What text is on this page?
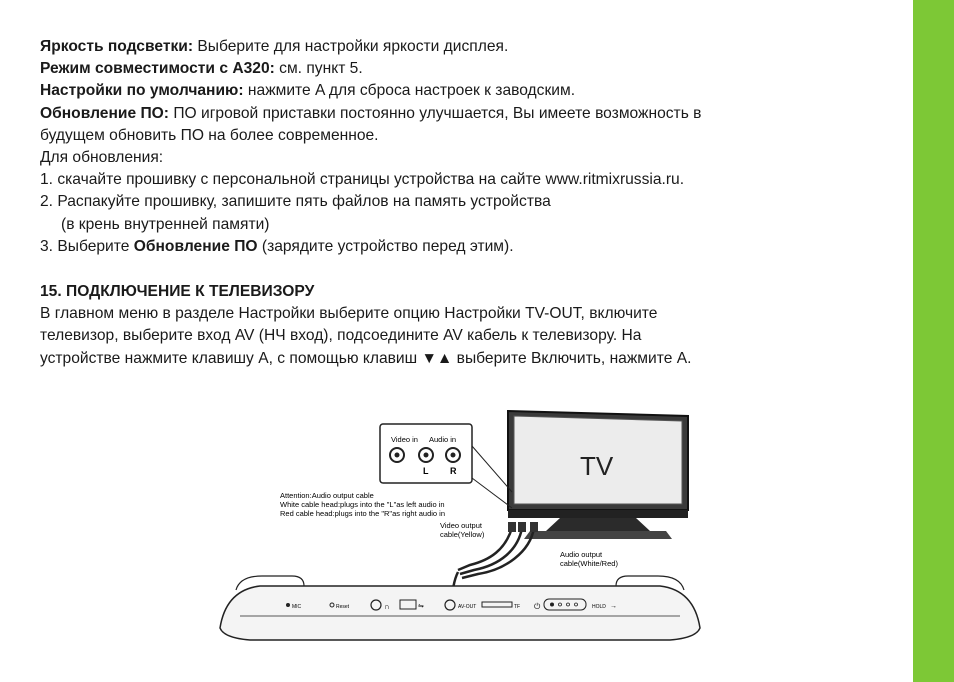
Яркость подсветки: Выберите для настройки яркости дисплея.

Режим совместимости с А320: см. пункт 5.

Настройки по умолчанию: нажмите A для сброса настроек к заводским.

Обновление ПО: ПО игровой приставки постоянно улучшается, Вы имеете возможность в

будущем обновить ПО на более современное.

Для обновления:

1. скачайте прошивку с персональной страницы устройства на сайте www.ritmixrussia.ru.

2. Распакуйте прошивку, запишите пять файлов на память устройства

(в крень внутренней памяти)

3. Выберите Обновление ПО (зарядите устройство перед этим).

15. ПОДКЛЮЧЕНИЕ К ТЕЛЕВИЗОРУ

В главном меню в разделе Настройки выберите опцию Настройки TV-OUT, включите

телевизор, выберите вход AV (НЧ вход), подсоедините AV кабель к телевизору. На

устройстве нажмите клавишу А, с помощью клавиш ▼▲ выберите Включить, нажмите А.

TV
Video in Audio in
L R
Attention:Audio output cable
White cable head:plugs into the "L"as left audio in
Red cable head:plugs into the "R"as right audio in
Video output
cable(Yellow)
Audio output
cable(White/Red)
MIC	Reset	∩	⇋	AV-OUT	TF ⏻	HOLD →
